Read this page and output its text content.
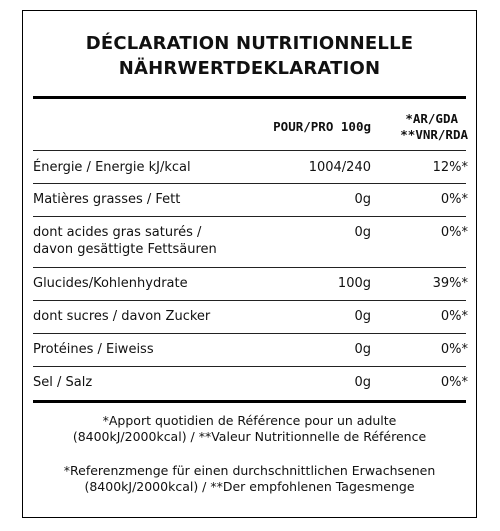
DÉCLARATION NUTRITIONNELLE
NÄHRWERTDEKLARATION
POUR/PRO 100g
*AR/GDA
**VNR/RDA
Énergie / Energie kJ/kcal	1004/240	12%*
Matières grasses / Fett	0g	0%*
dont acides gras saturés /
davon gesättigte Fettsäuren
0g	0%*
Glucides/Kohlenhydrate	100g	39%*
dont sucres / davon Zucker	0g	0%*
Protéines / Eiweiss	0g	0%*
Sel / Salz	0g	0%*
*Apport quotidien de Référence pour un adulte
(8400kJ/2000kcal) / **Valeur Nutritionnelle de Référence
*Referenzmenge für einen durchschnittlichen Erwachsenen
(8400kJ/2000kcal) / **Der empfohlenen Tagesmenge
